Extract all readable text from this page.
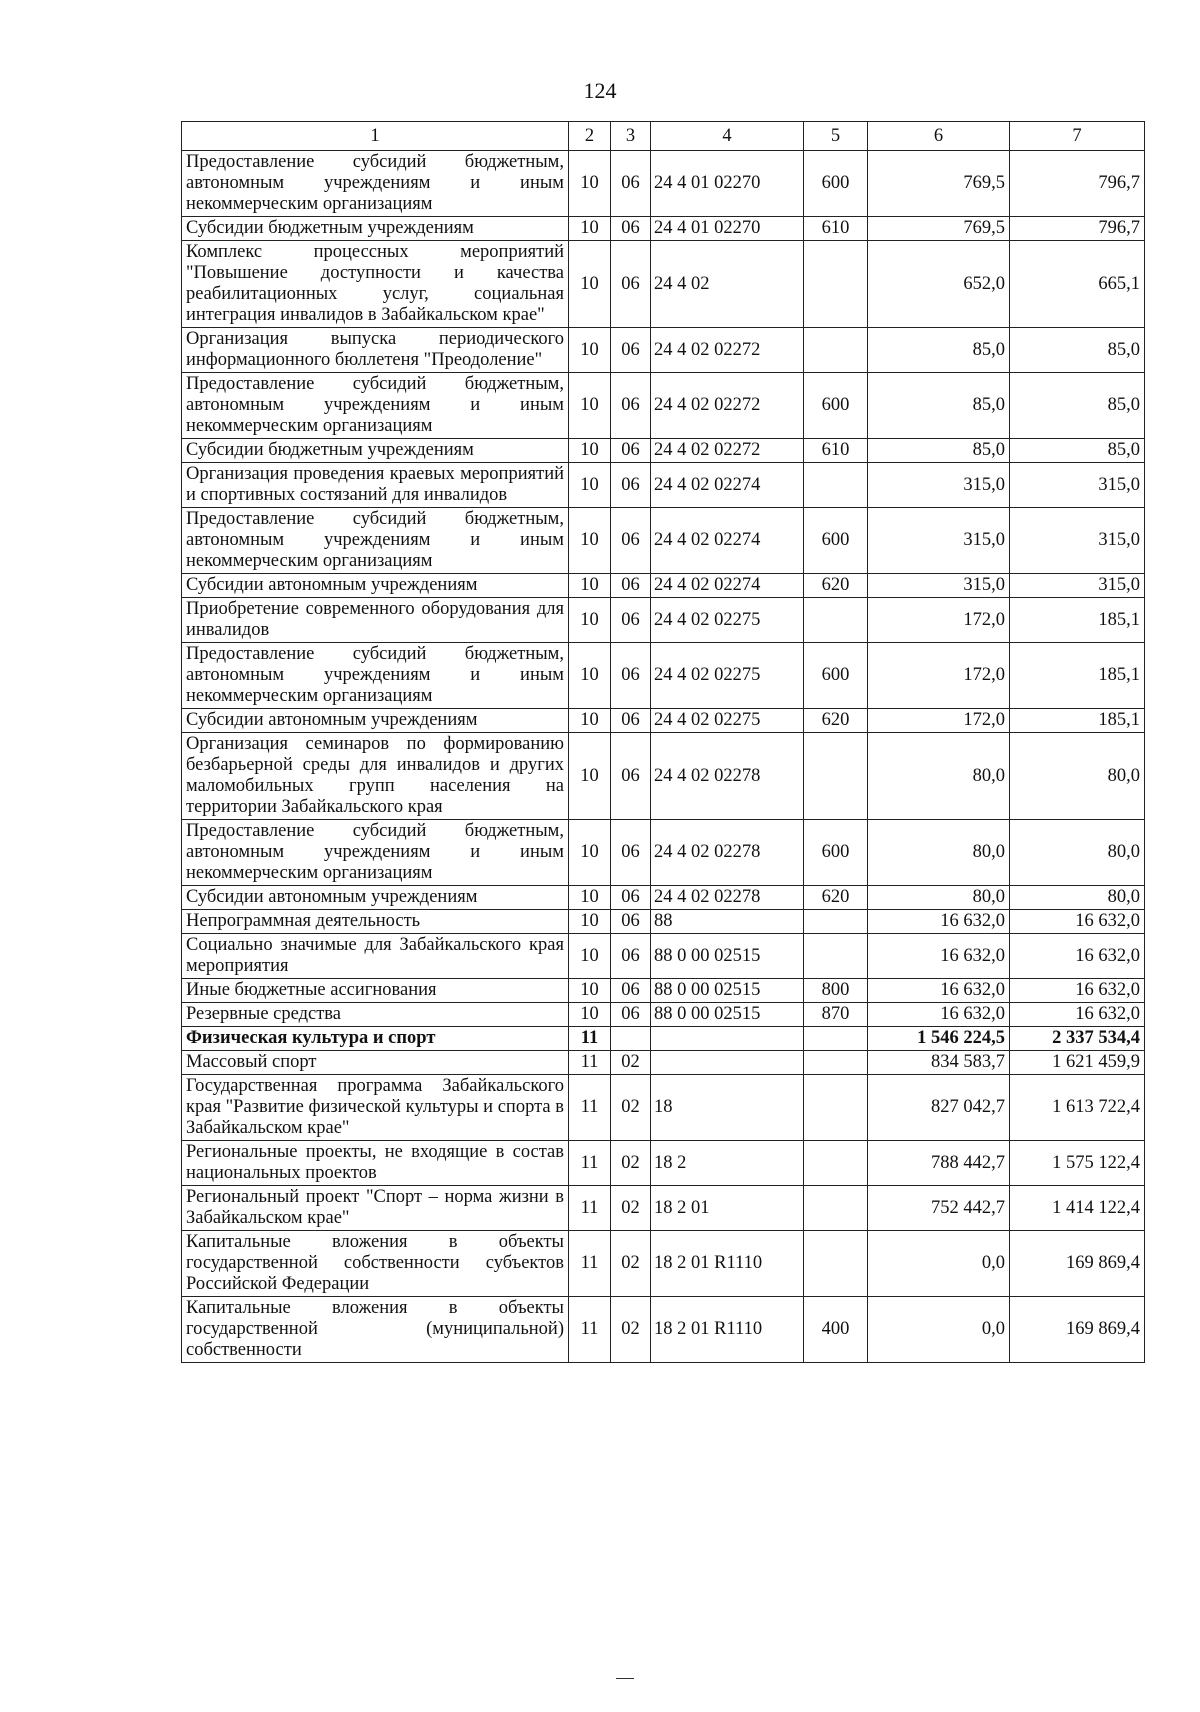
124
1	2	3	4	5	6	7
Предоставление субсидий бюджетным, автономным учреждениям и иным некоммерческим организациям	10	06	24 4 01 02270	600	769,5	796,7
Субсидии бюджетным учреждениям	10	06	24 4 01 02270	610	769,5	796,7
Комплекс процессных мероприятий "Повышение доступности и качества реабилитационных услуг, социальная интеграция инвалидов в Забайкальском крае"	10	06	24 4 02		652,0	665,1
Организация выпуска периодического информационного бюллетеня "Преодоление"	10	06	24 4 02 02272		85,0	85,0
Предоставление субсидий бюджетным, автономным учреждениям и иным некоммерческим организациям	10	06	24 4 02 02272	600	85,0	85,0
Субсидии бюджетным учреждениям	10	06	24 4 02 02272	610	85,0	85,0
Организация проведения краевых мероприятий и спортивных состязаний для инвалидов	10	06	24 4 02 02274		315,0	315,0
Предоставление субсидий бюджетным, автономным учреждениям и иным некоммерческим организациям	10	06	24 4 02 02274	600	315,0	315,0
Субсидии автономным учреждениям	10	06	24 4 02 02274	620	315,0	315,0
Приобретение современного оборудования для инвалидов	10	06	24 4 02 02275		172,0	185,1
Предоставление субсидий бюджетным, автономным учреждениям и иным некоммерческим организациям	10	06	24 4 02 02275	600	172,0	185,1
Субсидии автономным учреждениям	10	06	24 4 02 02275	620	172,0	185,1
Организация семинаров по формированию безбарьерной среды для инвалидов и других маломобильных групп населения на территории Забайкальского края	10	06	24 4 02 02278		80,0	80,0
Предоставление субсидий бюджетным, автономным учреждениям и иным некоммерческим организациям	10	06	24 4 02 02278	600	80,0	80,0
Субсидии автономным учреждениям	10	06	24 4 02 02278	620	80,0	80,0
Непрограммная деятельность	10	06	88		16 632,0	16 632,0
Социально значимые для Забайкальского края мероприятия	10	06	88 0 00 02515		16 632,0	16 632,0
Иные бюджетные ассигнования	10	06	88 0 00 02515	800	16 632,0	16 632,0
Резервные средства	10	06	88 0 00 02515	870	16 632,0	16 632,0
Физическая культура и спорт	11				1 546 224,5	2 337 534,4
Массовый спорт	11	02			834 583,7	1 621 459,9
Государственная программа Забайкальского края "Развитие физической культуры и спорта в Забайкальском крае"	11	02	18		827 042,7	1 613 722,4
Региональные проекты, не входящие в состав национальных проектов	11	02	18 2		788 442,7	1 575 122,4
Региональный проект "Спорт – норма жизни в Забайкальском крае"	11	02	18 2 01		752 442,7	1 414 122,4
Капитальные вложения в объекты государственной собственности субъектов Российской Федерации	11	02	18 2 01 R1110		0,0	169 869,4
Капитальные вложения в объекты государственной (муниципальной) собственности	11	02	18 2 01 R1110	400	0,0	169 869,4
